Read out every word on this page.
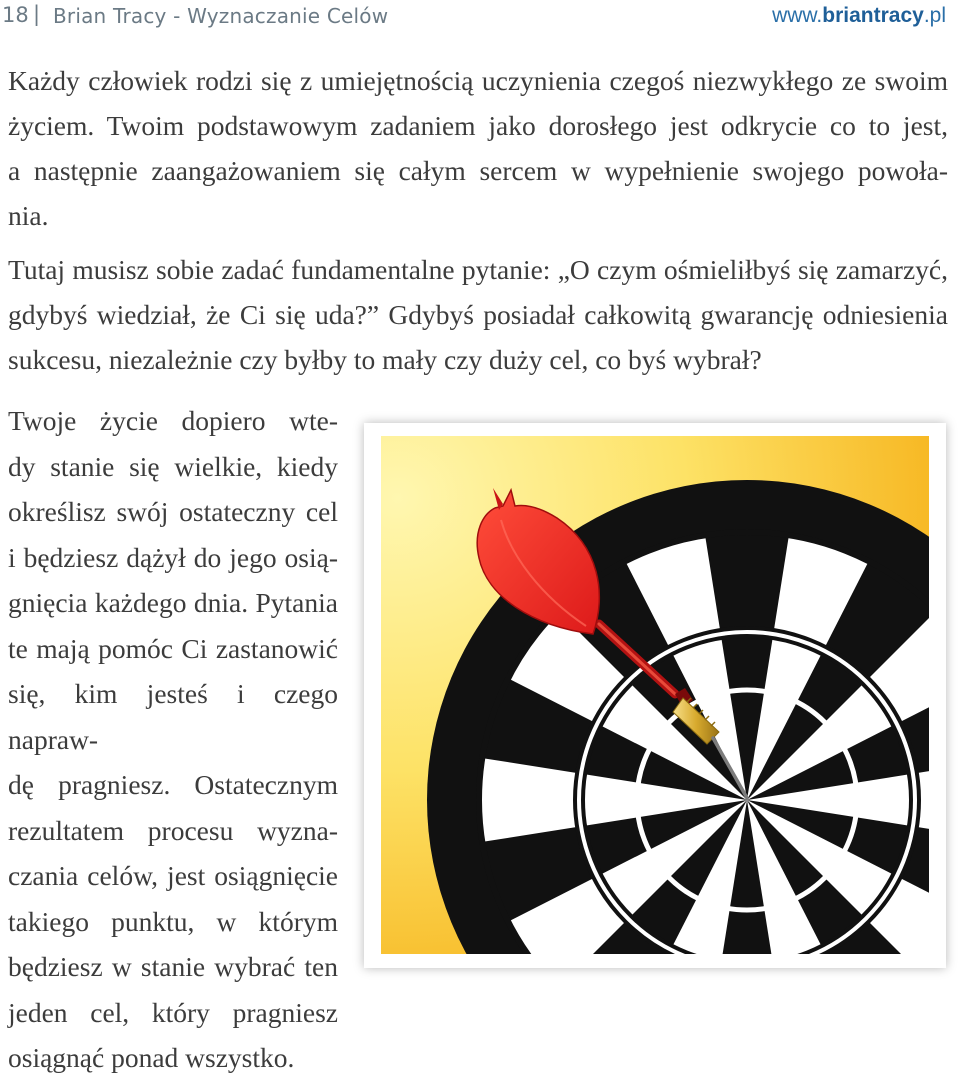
18 | Brian Tracy - Wyznaczanie Celów	www.briantracy.pl

Każdy człowiek rodzi się z umiejętnością uczynienia czegoś niezwykłego ze swoim
życiem. Twoim podstawowym zadaniem jako dorosłego jest odkrycie co to jest,
a następnie zaangażowaniem się całym sercem w wypełnienie swojego powoła-
nia.

Tutaj musisz sobie zadać fundamentalne pytanie: „O czym ośmieliłbyś się zamarzyć,
gdybyś wiedział, że Ci się uda?” Gdybyś posiadał całkowitą gwarancję odniesienia
sukcesu, niezależnie czy byłby to mały czy duży cel, co byś wybrał?

Twoje życie dopiero wte-
dy stanie się wielkie, kiedy
określisz swój ostateczny cel
i będziesz dążył do jego osią-
gnięcia każdego dnia. Pytania
te mają pomóc Ci zastanowić
się, kim jesteś i czego napraw-
dę pragniesz. Ostatecznym
rezultatem procesu wyzna-
czania celów, jest osiągnięcie
takiego punktu, w którym
będziesz w stanie wybrać ten
jeden cel, który pragniesz
osiągnąć ponad wszystko.
